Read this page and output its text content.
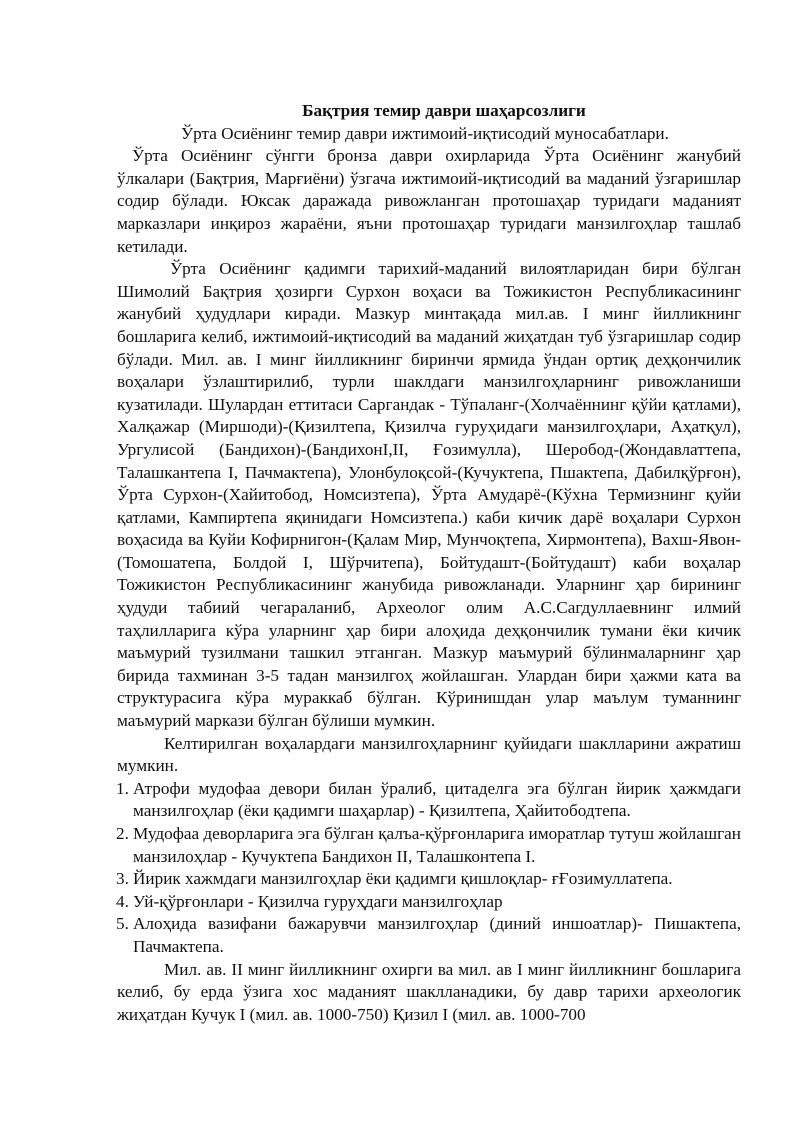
Бақтрия темир даври шаҳарсозлиги
Ўрта Осиёнинг темир даври ижтимоий-иқтисодий муносабатлари.

Ўрта Осиёнинг сўнгги бронза даври охирларида Ўрта Осиёнинг жанубий ўлкалари (Бақтрия, Марғиёни) ўзгача ижтимоий-иқтисодий ва маданий ўзгаришлар содир бўлади. Юксак даражада ривожланган протошаҳар туридаги маданият марказлари инқироз жараёни, яъни протошаҳар туридаги манзилгоҳлар ташлаб кетилади.

Ўрта Осиёнинг қадимги тарихий-маданий вилоятларидан бири бўлган Шимолий Бақтрия ҳозирги Сурхон воҳаси ва Тожикистон Республикасининг жанубий ҳудудлари киради. Мазкур минтақада мил.ав. I минг йилликнинг бошларига келиб, ижтимоий-иқтисодий ва маданий жиҳатдан туб ўзгаришлар содир бўлади. Мил. ав. I минг йилликнинг биринчи ярмида ўндан ортиқ деҳқончилик воҳалари ўзлаштирилиб, турли шаклдаги манзилгоҳларнинг ривожланиши кузатилади. Шулардан еттитаси Саргандак - Тўпаланг-(Холчаённинг қўйи қатлами), Халқажар (Миршоди)-(Қизилтепа, Қизилча гуруҳидаги манзилгоҳлари, Аҳатқул), Ургулисой (Бандихон)-(БандихонI,II, Ғозимулла), Шеробод-(Жондавлаттепа, Талашкантепа I, Пачмактепа), Улонбулоқсой-(Кучуктепа, Пшактепа, Дабилқўрғон), Ўрта Сурхон-(Хайитобод, Номсизтепа), Ўрта Амударё-(Кўхна Термизнинг қуйи қатлами, Кампиртепа яқинидаги Номсизтепа.) каби кичик дарё воҳалари Сурхон воҳасида ва Куйи Кофирнигон-(Қалам Мир, Мунчоқтепа, Хирмонтепа), Вахш-Явон-(Томошатепа, Болдой I, Шўрчитепа), Бойтудашт-(Бойтудашт) каби воҳалар Тожикистон Республикасининг жанубида ривожланади. Уларнинг ҳар бирининг ҳудуди табиий чегараланиб, Археолог олим А.С.Сагдуллаевнинг илмий таҳлилларига кўра уларнинг ҳар бири алоҳида деҳқончилик тумани ёки кичик маъмурий тузилмани ташкил этганган. Мазкур маъмурий бўлинмаларнинг ҳар бирида тахминан 3-5 тадан манзилгоҳ жойлашган. Улардан бири ҳажми ката ва структурасига кўра мураккаб бўлган. Кўринишдан улар маълум туманнинг маъмурий маркази бўлган бўлиши мумкин.

Келтирилган воҳалардаги манзилгоҳларнинг қуйидаги шаклларини ажратиш мумкин.

1. Атрофи мудофаа девори билан ўралиб, цитаделга эга бўлган йирик ҳажмдаги манзилгоҳлар (ёки қадимги шаҳарлар) - Қизилтепа, Ҳайитободтепа.
2. Мудофаа деворларига эга бўлган қалъа-қўрғонларига иморатлар тутуш жойлашган манзилоҳлар - Кучуктепа Бандихон II, Талашконтепа I.
3. Йирик хажмдаги манзилгоҳлар ёки қадимги қишлоқлар- ғҒозимуллатепа.
4. Уй-қўрғонлари - Қизилча гуруҳдаги манзилгоҳлар
5. Алоҳида вазифани бажарувчи манзилгоҳлар (диний иншоатлар)- Пишактепа, Пачмактепа.

Мил. ав. II минг йилликнинг охирги ва мил. ав I минг йилликнинг бошларига келиб, бу ерда ўзига хос маданият шаклланадики, бу давр тарихи археологик жиҳатдан Кучук I (мил. ав. 1000-750) Қизил I (мил. ав. 1000-700
